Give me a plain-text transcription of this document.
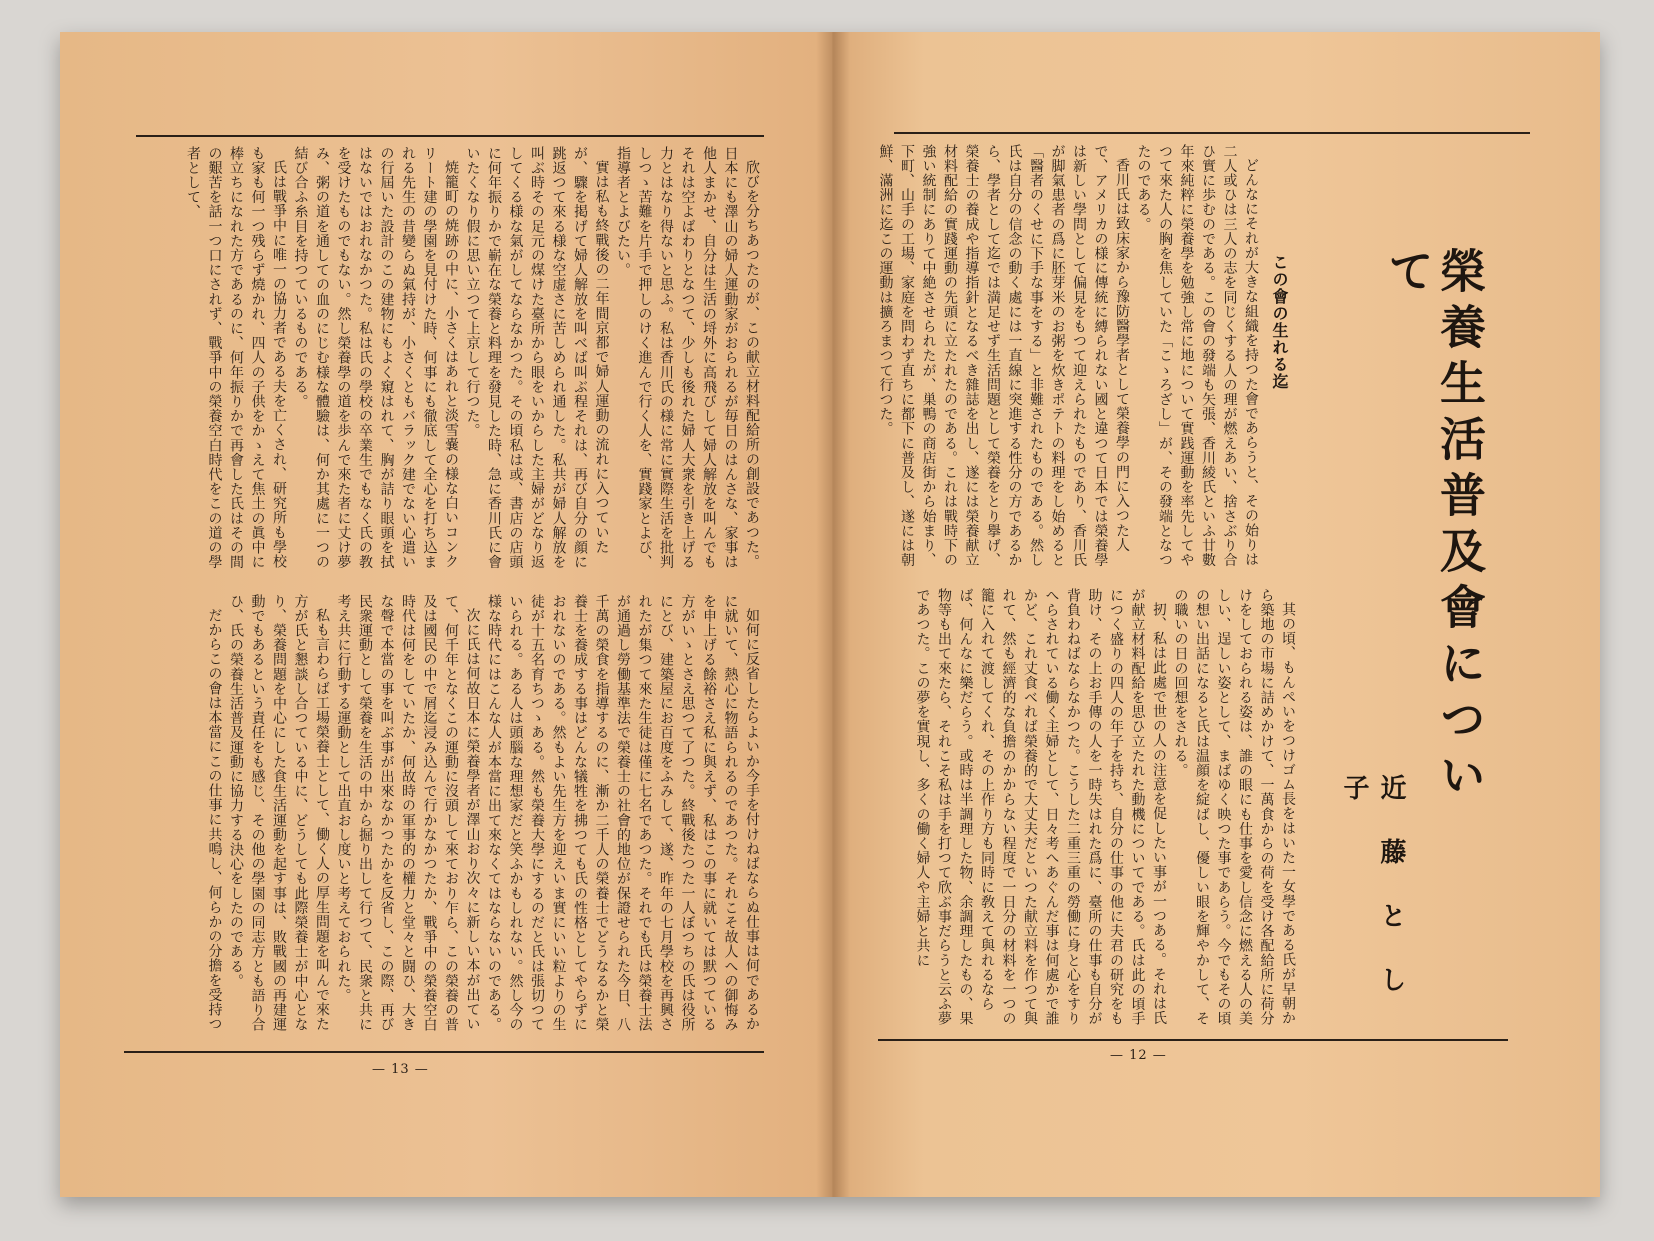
榮養生活普及會について
近藤とし子
この會の生れる迄

どんなにそれが大きな組織を持つた會であらうと、その始りは二人或ひは三人の志を同じくする人の理が燃えあい、捨さぶり合ひ實に歩むのである。この會の發端も矢張、香川綾氏といふ廿數年來純粹に榮養學を勉強し常に地について實践運動を率先してやつて來た人の胸を焦していた「こゝろざし」が、その發端となつたのである。

香川氏は致床家から豫防醫學者として榮養學の門に入つた人で、アメリカの様に傳統に縛られない國と違つて日本では榮養學は新しい學問として偏見をもつて迎えられたものであり、香川氏が脚氣患者の爲に胚芽米のお粥を炊きポテトの料理をし始めると「醫者のくせに下手な事をする」と非難されたものである。然し氏は自分の信念の動く處には一直線に突進する性分の方であるから、學者として迄では満足せず生活問題として榮養をとり擧げ、榮養士の養成や指導指針となるべき雜誌を出し、遂には榮養献立材料配給の實踐運動の先頭に立たれたのである。これは戰時下の強い統制にありて中絶させられたが、巣鴨の商店街から始まり、下町、山手の工場、家庭を問わず直ちに都下に普及し、遂には朝鮮、滿洲に迄この運動は擴ろまつて行つた。

其の頃、もんぺいをつけゴム長をはいた一女學である氏が早朝から築地の市場に詰めかけて、一萬食からの荷を受け各配給所に荷分けをしておられる姿は、誰の眼にも仕事を愛し信念に燃える人の美しい、逞しい姿として、まばゆく映つた事であらう。今でもその頃の想い出話になると氏は温顔を綻ばし、優しい眼を輝やかして、その職いの日の回想をされる。

扨、私は此處で世の人の注意を促したい事が一つある。それは氏が献立材料配給を思ひ立たれた動機についてである。氏は此の頃手につく盛りの四人の年子を持ち、自分の仕事の他に夫君の研究をも助け、その上お手傳の人を一時失はれた爲に、臺所の仕事も自分が背負わねばならなかつた。こうした二重三重の勞働に身と心をすりへらされている働く主婦として、日々考へあぐんだ事は何處かで誰かど、これ丈食べれば榮養的で大丈夫だといつた献立料を作つて與れて、然も經濟的な負擔のかからない程度で一日分の材料を一つの籠に入れて渡してくれ、その上作り方も同時に敎えて與れるならば、何んなに樂だらう。或時は半調理した物、余調理したもの、果物等も出て來たら、それこそ私は手を打つて欣ぶ事だらうと云ふ夢であつた。この夢を實現し、多くの働く婦人や主婦と共に

— 12 —

欣びを分ちあつたのが、この献立材料配給所の創設であつた。日本にも澤山の婦人運動家がおられるが毎日のはんさな、家事は他人まかせ、自分は生活の埒外に高飛びして婦人解放を叫んでもそれは空よばわりとなつて、少しも後れた婦人大衆を引き上げる力とはなり得ないと思ふ。私は香川氏の様に常に實際生活を批判しつゝ苦難を片手で押しのけく進んで行く人を、實踐家とよび、指導者とよびたい。

實は私も終戰後の二年間京都で婦人運動の流れに入つていたが、驟を掲げて婦人解放を叫べば叫ぶ程それは、再び自分の顔に跳返つて來る様な空虚さに苦しめられ通した。私共が婦人解放を叫ぶ時その足元の煤けた臺所から眼をいからした主婦がどなり返してくる様な氣がしてならなかつた。その頃私は或、書店の店頭に何年振りかで嶄在な榮養と料理を發見した時、急に香川氏に會いたくなり假に思い立つて上京して行つた。

焼籠町の焼跡の中に、小さくはあれと淡雪嚢の様な白いコンクリート建の學園を見付けた時、何事にも徹底して全心を打ち込まれる先生の昔變らぬ氣持が、小さくともバラック建でない心遣いの行屆いた設計のこの建物にもよく窺はれて、胸が詰り眼頭を拭はないではおれなかつた。私は氏の學校の卒業生でもなく氏の教を受けたものでもない。然し榮養學の道を歩んで來た者に丈け夢み、粥の道を通しての血のにじむ様な體驗は、何か其處に一つの結び合ふ糸目を持つているものである。

氏は戰爭中に唯一の協力者である夫を亡くされ、研究所も學校も家も何一つ残らず燒かれ、四人の子供をかゝえて焦土の眞中に棒立ちになれた方であるのに、何年振りかで再會した氏はその間の艱苦を話一つ口にされず、戰爭中の榮養空白時代をこの道の學者として、

如何に反省したらよいか今手を付けねばならぬ仕事は何であるかに就いて、熱心に物語られるのであつた。それこそ故人への御悔みを申上げる餘裕さえ私に與えず、私はこの事に就いては默つている方がいゝとさえ思つて了つた。終戰後たつた一人ぼつちの氏は役所にとび、建築屋にお百度をふみして、遂、昨年の七月學校を再興されたが集つて來た生徒は僅に七名であつた。それでも氏は榮養士法が通過し勞働基準法で榮養士の社會的地位が保證せられた今日、八千萬の榮食を指導するのに、漸か二千人の榮養士でどうなるかと榮養士を養成する事はどんな犠牲を拂つても氏の性格としてやらずにおれないのである。然もよい先生方を迎えいま實にいい粒よりの生徒が十五名育ちつゝある。然も榮養大學にするのだと氏は張切つていられる。ある人は頭腦な理想家だと笑ふかもしれない。然し今の様な時代にはこんな人が本當に出て來なくてはならないのである。

次に氏は何故日本に榮養學者が澤山おり次々に新しい本が出ていて、何千年となくこの運動に沒頭して來ており乍ら、この榮養の普及は國民の中で屑迄浸み込んで行かなかつたか、戰爭中の榮養空白時代は何をしていたか、何故時の軍事的の權力と堂々と闘ひ、大きな聲で本當の事を叫ぶ事が出來なかつたかを反省し、この際、再び民衆運動として榮養を生活の中から掘り出して行つて、民衆と共に考え共に行動する運動として出直おし度いと考えておられた。

私も言わらば工場榮養士として、働く人の厚生問題を叫んで來た方が氏と懇談し合つている中に、どうしても此際榮養士が中心となり、榮養問題を中心にした食生活運動を起す事は、敗戰國の再建運動でもあるという責任をも感じ、その他の學園の同志方とも語り合ひ、氏の榮養生活普及運動に協力する決心をしたのである。

だからこの會は本當にこの仕事に共鳴し、何らかの分擔を受持つ

— 13 —
